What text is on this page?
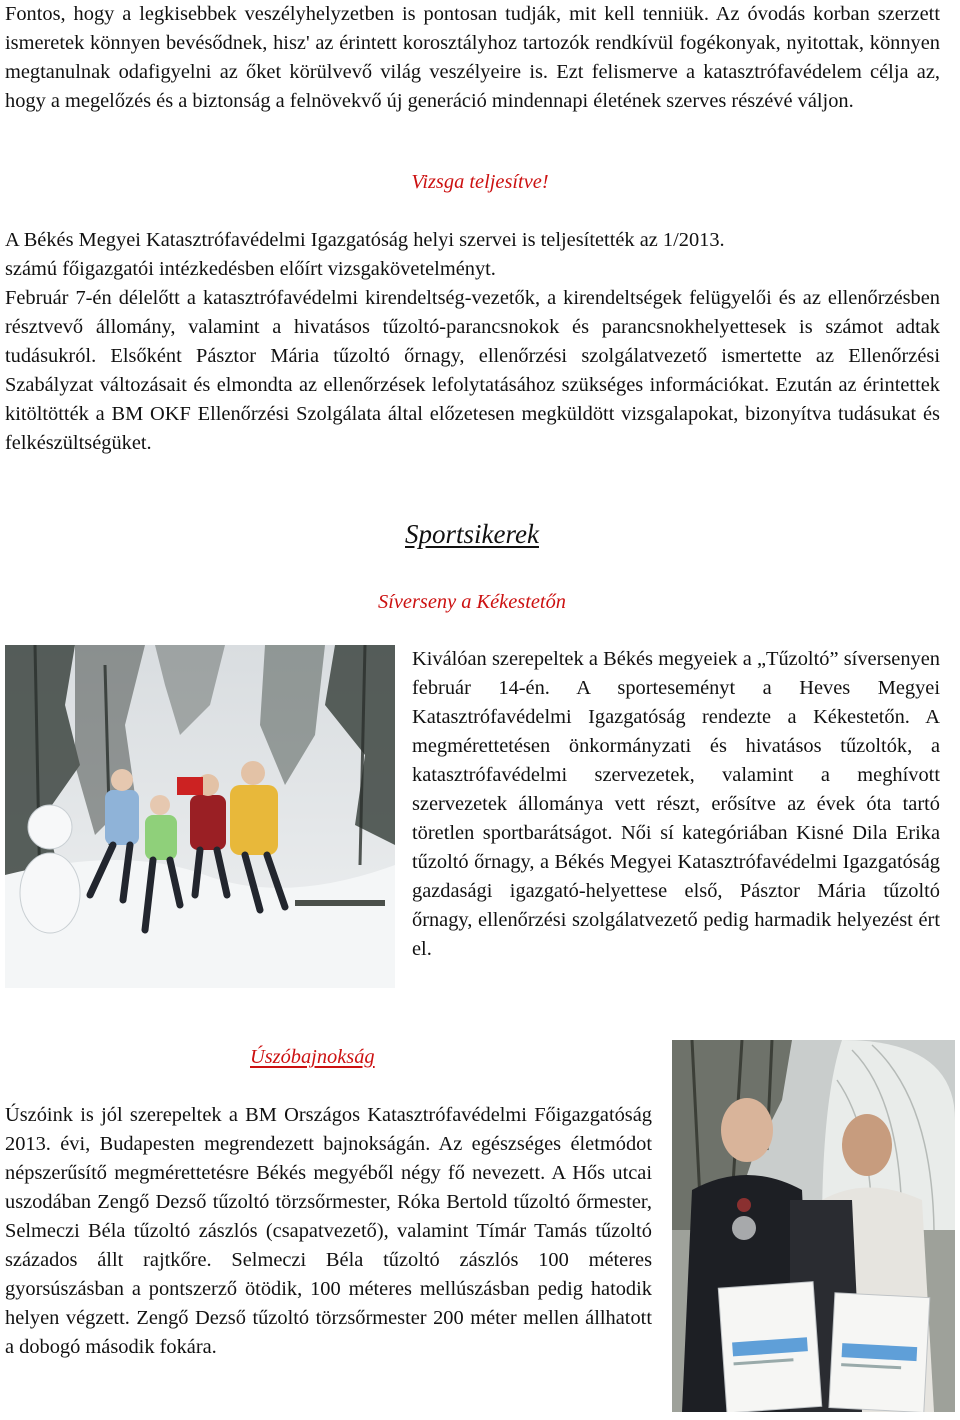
Fontos, hogy a legkisebbek veszélyhelyzetben is pontosan tudják, mit kell tenniük. Az óvodás korban szerzett ismeretek könnyen bevésődnek, hisz' az érintett korosztályhoz tartozók rendkívül fogékonyak, nyitottak, könnyen megtanulnak odafigyelni az őket körülvevő világ veszélyeire is. Ezt felismerve a katasztrófavédelem célja az, hogy a megelőzés és a biztonság a felnövekvő új generáció mindennapi életének szerves részévé váljon.

Vizsga teljesítve!

A Békés Megyei Katasztrófavédelmi Igazgatóság helyi szervei is teljesítették az 1/2013.

számú főigazgatói intézkedésben előírt vizsgakövetelményt.

Február 7-én délelőtt a katasztrófavédelmi kirendeltség-vezetők, a kirendeltségek felügyelői és az ellenőrzésben résztvevő állomány, valamint a hivatásos tűzoltó-parancsnokok és parancsnokhelyettesek is számot adtak tudásukról. Elsőként Pásztor Mária tűzoltó őrnagy, ellenőrzési szolgálatvezető ismertette az Ellenőrzési Szabályzat változásait és elmondta az ellenőrzések lefolytatásához szükséges információkat. Ezután az érintettek kitöltötték a BM OKF Ellenőrzési Szolgálata által előzetesen megküldött vizsgalapokat, bizonyítva tudásukat és felkészültségüket.

Sportsikerek

Síverseny a Kékestetőn

Kiválóan szerepeltek a Békés megyeiek a „Tűzoltó” síversenyen február 14-én. A sporteseményt a Heves Megyei Katasztrófavédelmi Igazgatóság rendezte a Kékestetőn. A megmérettetésen önkormányzati és hivatásos tűzoltók, a katasztrófavédelmi szervezetek, valamint a meghívott szervezetek állománya vett részt, erősítve az évek óta tartó töretlen sportbarátságot. Női sí kategóriában Kisné Dila Erika tűzoltó őrnagy, a Békés Megyei Katasztrófavédelmi Igazgatóság gazdasági igazgató-helyettese első, Pásztor Mária tűzoltó őrnagy, ellenőrzési szolgálatvezető pedig harmadik helyezést ért el.

Úszóbajnokság

Úszóink is jól szerepeltek a BM Országos Katasztrófavédelmi Főigazgatóság 2013. évi, Budapesten megrendezett bajnokságán. Az egészséges életmódot népszerűsítő megmérettetésre Békés megyéből négy fő nevezett. A Hős utcai uszodában Zengő Dezső tűzoltó törzsőrmester, Róka Bertold tűzoltó őrmester, Selmeczi Béla tűzoltó zászlós (csapatvezető), valamint Tímár Tamás tűzoltó százados állt rajtkőre. Selmeczi Béla tűzoltó zászlós 100 méteres gyorsúszásban a pontszerző ötödik, 100 méteres mellúszásban pedig hatodik helyen végzett. Zengő Dezső tűzoltó törzsőrmester 200 méter mellen állhatott a dobogó második fokára.
